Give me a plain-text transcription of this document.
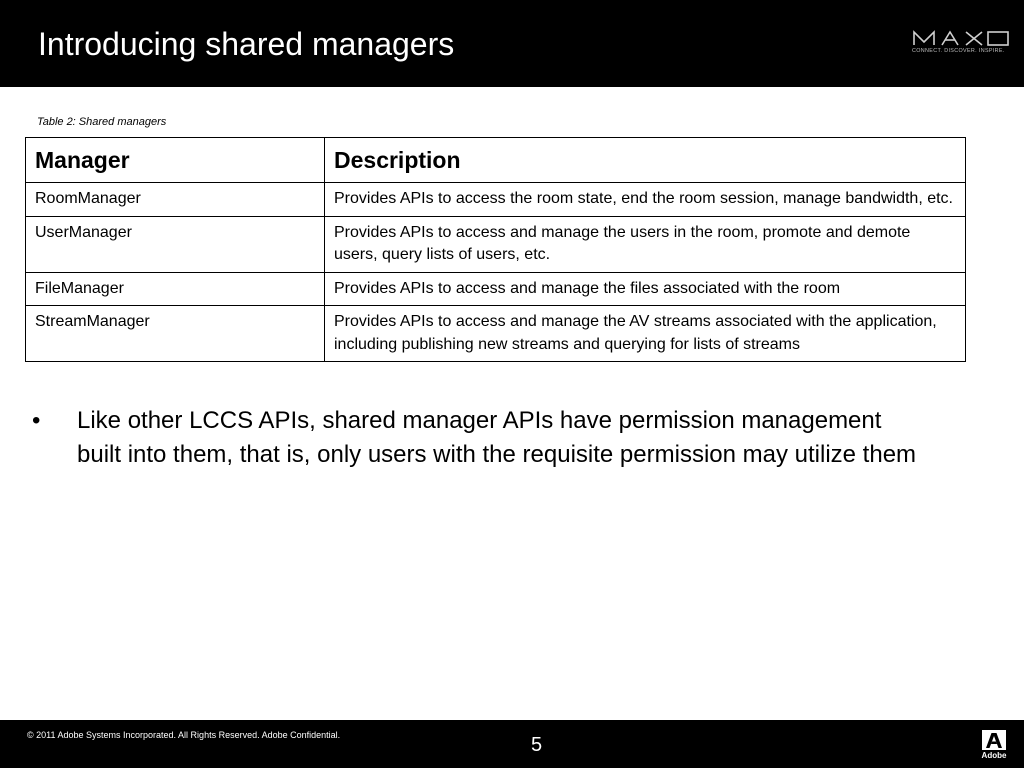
Introducing shared managers	CONNECT. DISCOVER. INSPIRE.
Table 2: Shared managers
Manager	Description
RoomManager	Provides APIs to access the room state, end the room session, manage bandwidth, etc.
UserManager	Provides APIs to access and manage the users in the room, promote and demote users, query lists of users, etc.
FileManager	Provides APIs to access and manage the files associated with the room
StreamManager	Provides APIs to access and manage the AV streams associated with the application, including publishing new streams and querying for lists of streams
• Like other LCCS APIs, shared manager APIs have permission management built into them, that is, only users with the requisite permission may utilize them
© 2011 Adobe Systems Incorporated. All Rights Reserved. Adobe Confidential.	5	Adobe
